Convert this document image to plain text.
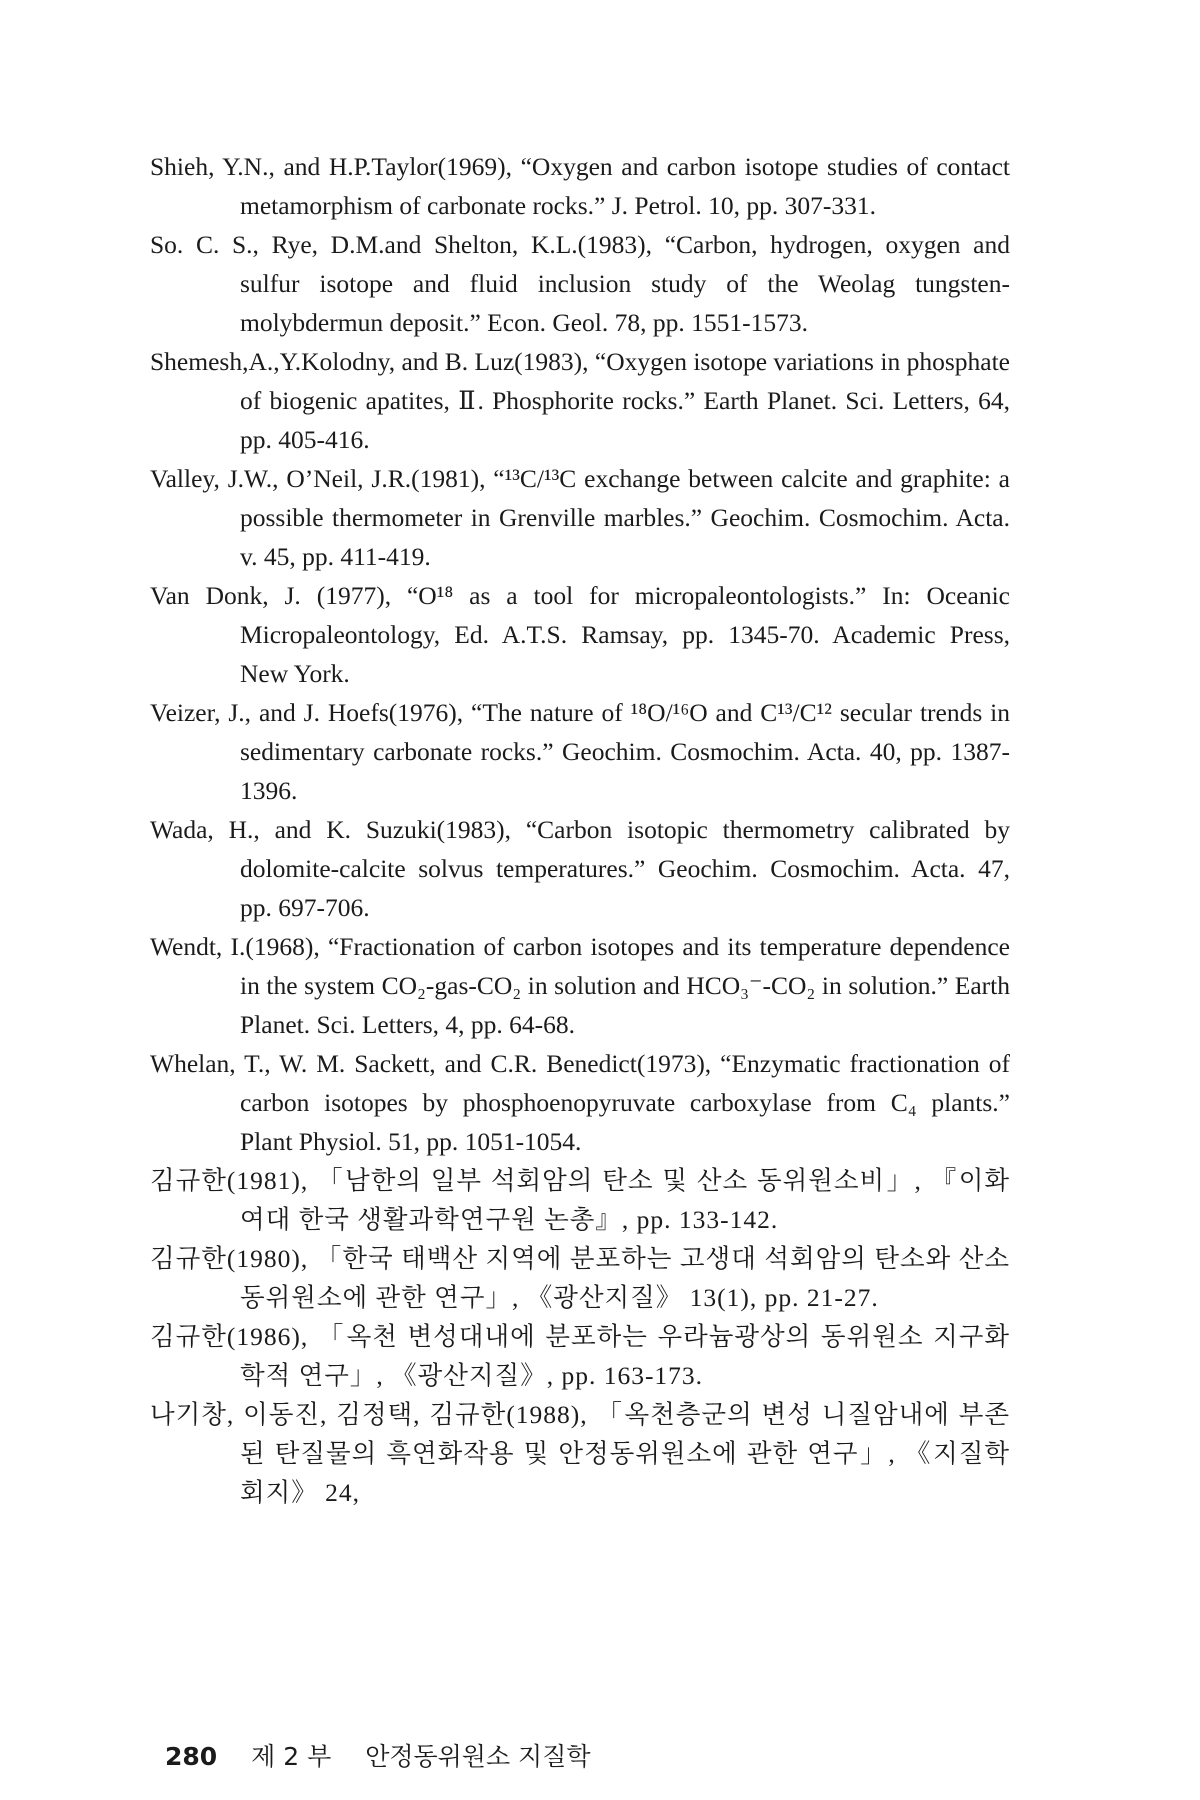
Shieh, Y.N., and H.P.Taylor(1969), “Oxygen and carbon isotope studies of contact metamorphism of carbonate rocks.” J. Petrol. 10, pp. 307-331.

So. C. S., Rye, D.M.and Shelton, K.L.(1983), “Carbon, hydrogen, oxygen and sulfur isotope and fluid inclusion study of the Weolag tungsten-molybdermun deposit.” Econ. Geol. 78, pp. 1551-1573.

Shemesh,A.,Y.Kolodny, and B. Luz(1983), “Oxygen isotope variations in phosphate of biogenic apatites, Ⅱ. Phosphorite rocks.” Earth Planet. Sci. Letters, 64, pp. 405-416.

Valley, J.W., O’Neil, J.R.(1981), “¹³C/¹³C exchange between calcite and graphite: a possible thermometer in Grenville marbles.” Geochim. Cosmochim. Acta. v. 45, pp. 411-419.

Van Donk, J. (1977), “O¹⁸ as a tool for micropaleontologists.” In: Oceanic Micropaleontology, Ed. A.T.S. Ramsay, pp. 1345-70. Academic Press, New York.

Veizer, J., and J. Hoefs(1976), “The nature of ¹⁸O/¹⁶O and C¹³/C¹² secular trends in sedimentary carbonate rocks.” Geochim. Cosmochim. Acta. 40, pp. 1387-1396.

Wada, H., and K. Suzuki(1983), “Carbon isotopic thermometry calibrated by dolomite-calcite solvus temperatures.” Geochim. Cosmochim. Acta. 47, pp. 697-706.

Wendt, I.(1968), “Fractionation of carbon isotopes and its temperature dependence in the system CO₂-gas-CO₂ in solution and HCO₃⁻-CO₂ in solution.” Earth Planet. Sci. Letters, 4, pp. 64-68.

Whelan, T., W. M. Sackett, and C.R. Benedict(1973), “Enzymatic fractionation of carbon isotopes by phosphoenopyruvate carboxylase from C₄ plants.” Plant Physiol. 51, pp. 1051-1054.

김규한(1981), 「남한의 일부 석회암의 탄소 및 산소 동위원소비」, 『이화여대 한국 생활과학연구원 논총』, pp. 133-142.

김규한(1980), 「한국 태백산 지역에 분포하는 고생대 석회암의 탄소와 산소 동위원소에 관한 연구」, 《광산지질》 13(1), pp. 21-27.

김규한(1986), 「옥천 변성대내에 분포하는 우라늄광상의 동위원소 지구화학적 연구」, 《광산지질》, pp. 163-173.

나기창, 이동진, 김정택, 김규한(1988), 「옥천층군의 변성 니질암내에 부존된 탄질물의 흑연화작용 및 안정동위원소에 관한 연구」, 《지질학회지》 24,

280 제 2 부 안정동위원소 지질학
